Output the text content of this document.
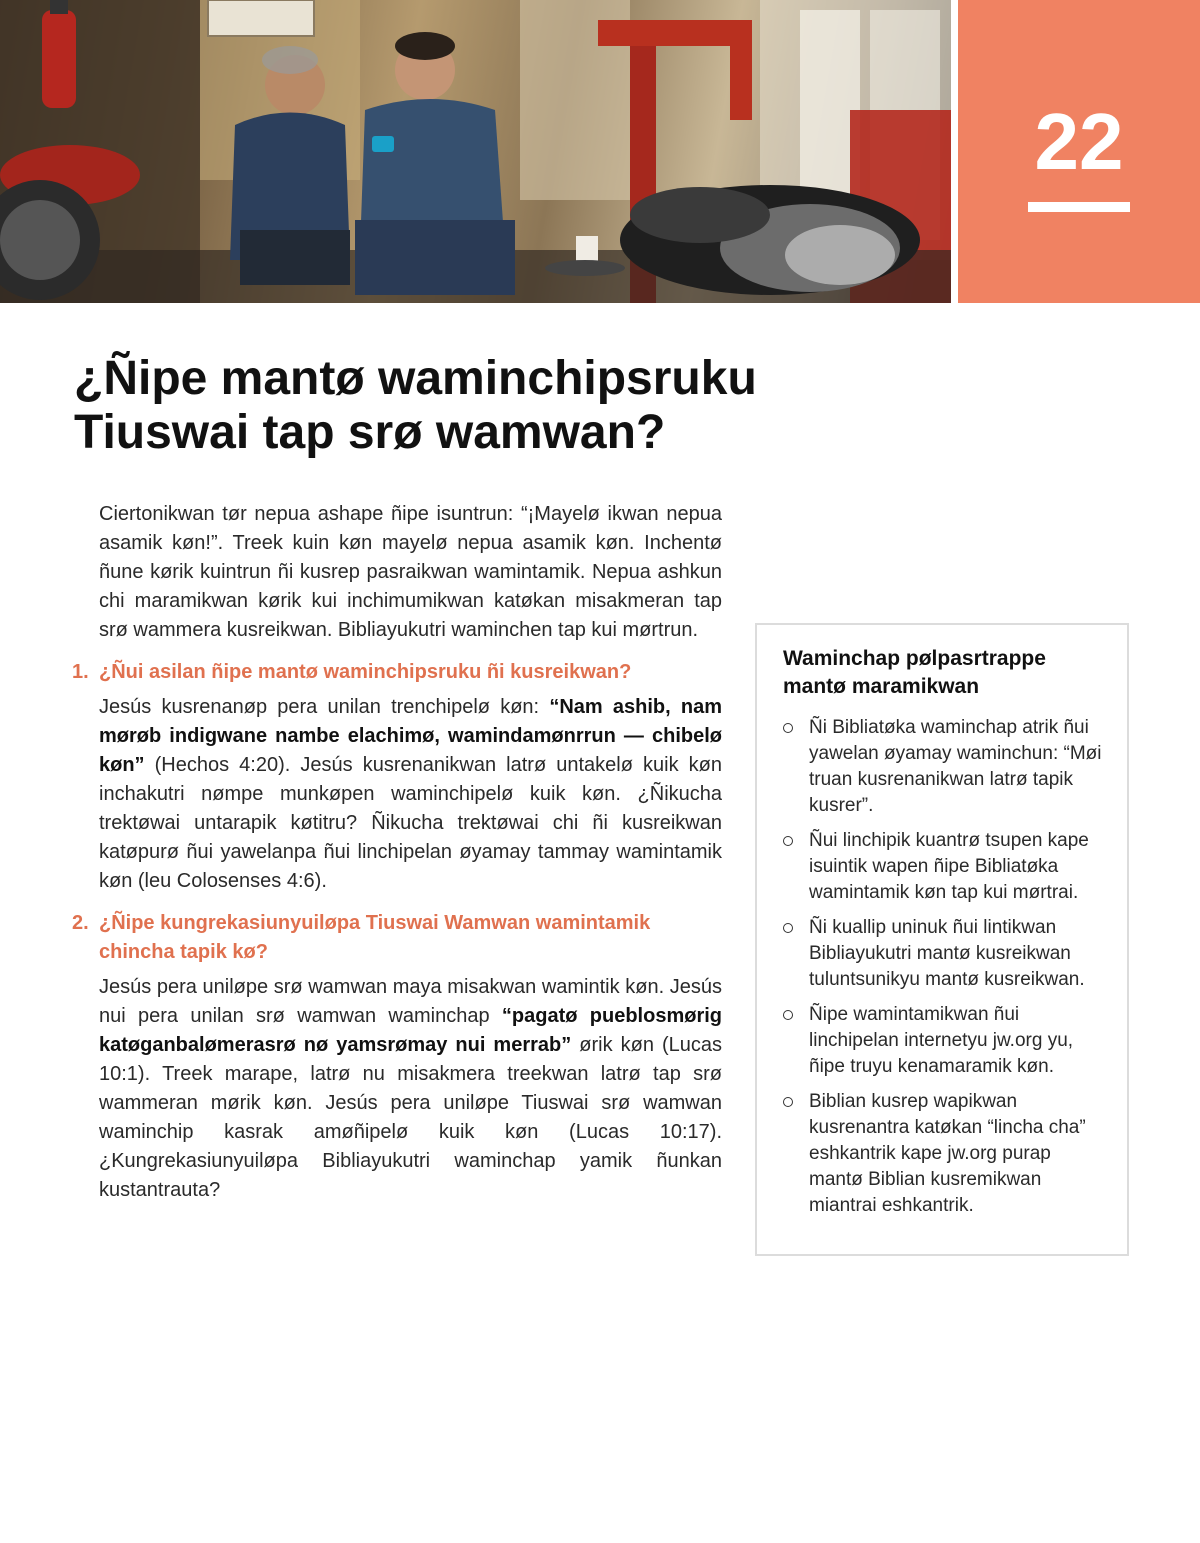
22
¿Ñipe mantø waminchipsruku
Tiuswai tap srø wamwan?

Ciertonikwan tør nepua ashape ñipe isuntrun: “¡Mayelø ikwan nepua asamik køn!”. Treek kuin køn mayelø nepua asamik køn. Inchentø ñune kørik kuintrun ñi kusrep pasraikwan wamintamik. Nepua ashkun chi maramikwan kørik kui inchimumikwan katøkan misakmeran tap srø wammera kusreikwan. Bibliayukutri waminchen tap kui mørtrun.

1. ¿Ñui asilan ñipe mantø waminchipsruku ñi kusreikwan?

Jesús kusrenanøp pera unilan trenchipelø køn: “Nam ashib, nam mørøb indigwane nambe elachimø, wamindamønrrun — chibelø køn” (Hechos 4:20). Jesús kusrenanikwan latrø untakelø kuik køn inchakutri nømpe munkøpen waminchipelø kuik køn. ¿Ñikucha trektøwai untarapik køtitru? Ñikucha trektøwai chi ñi kusreikwan katøpurø ñui yawelanpa ñui linchipelan øyamay tammay wamintamik køn (leu Colosenses 4:6).

2. ¿Ñipe kungrekasiunyuiløpa Tiuswai Wamwan wamintamik chincha tapik kø?

Jesús pera uniløpe srø wamwan maya misakwan wamintik køn. Jesús nui pera unilan srø wamwan waminchap “pagatø pueblosmørig katøganbalømerasrø nø yamsrømay nui merrab” ørik køn (Lucas 10:1). Treek marape, latrø nu misakmera treekwan latrø tap srø wammeran mørik køn. Jesús pera uniløpe Tiuswai srø wamwan waminchip kasrak amøñipelø kuik køn (Lucas 10:17). ¿Kungrekasiunyuiløpa Bibliayukutri waminchap yamik ñunkan kustantrauta?

Waminchap pølpasrtrappe mantø maramikwan
Ñi Bibliatøka waminchap atrik ñui yawelan øyamay waminchun: “Møi truan kusrenanikwan latrø tapik kusrer”.
Ñui linchipik kuantrø tsupen kape isuintik wapen ñipe Bibliatøka wamintamik køn tap kui mørtrai.
Ñi kuallip uninuk ñui lintikwan Bibliayukutri mantø kusreikwan tuluntsunikyu mantø kusreikwan.
Ñipe wamintamikwan ñui linchipelan internetyu jw.org yu, ñipe truyu kenamaramik køn.
Biblian kusrep wapikwan kusrenantra katøkan “lincha cha” eshkantrik kape jw.org purap mantø Biblian kusremikwan miantrai eshkantrik.
